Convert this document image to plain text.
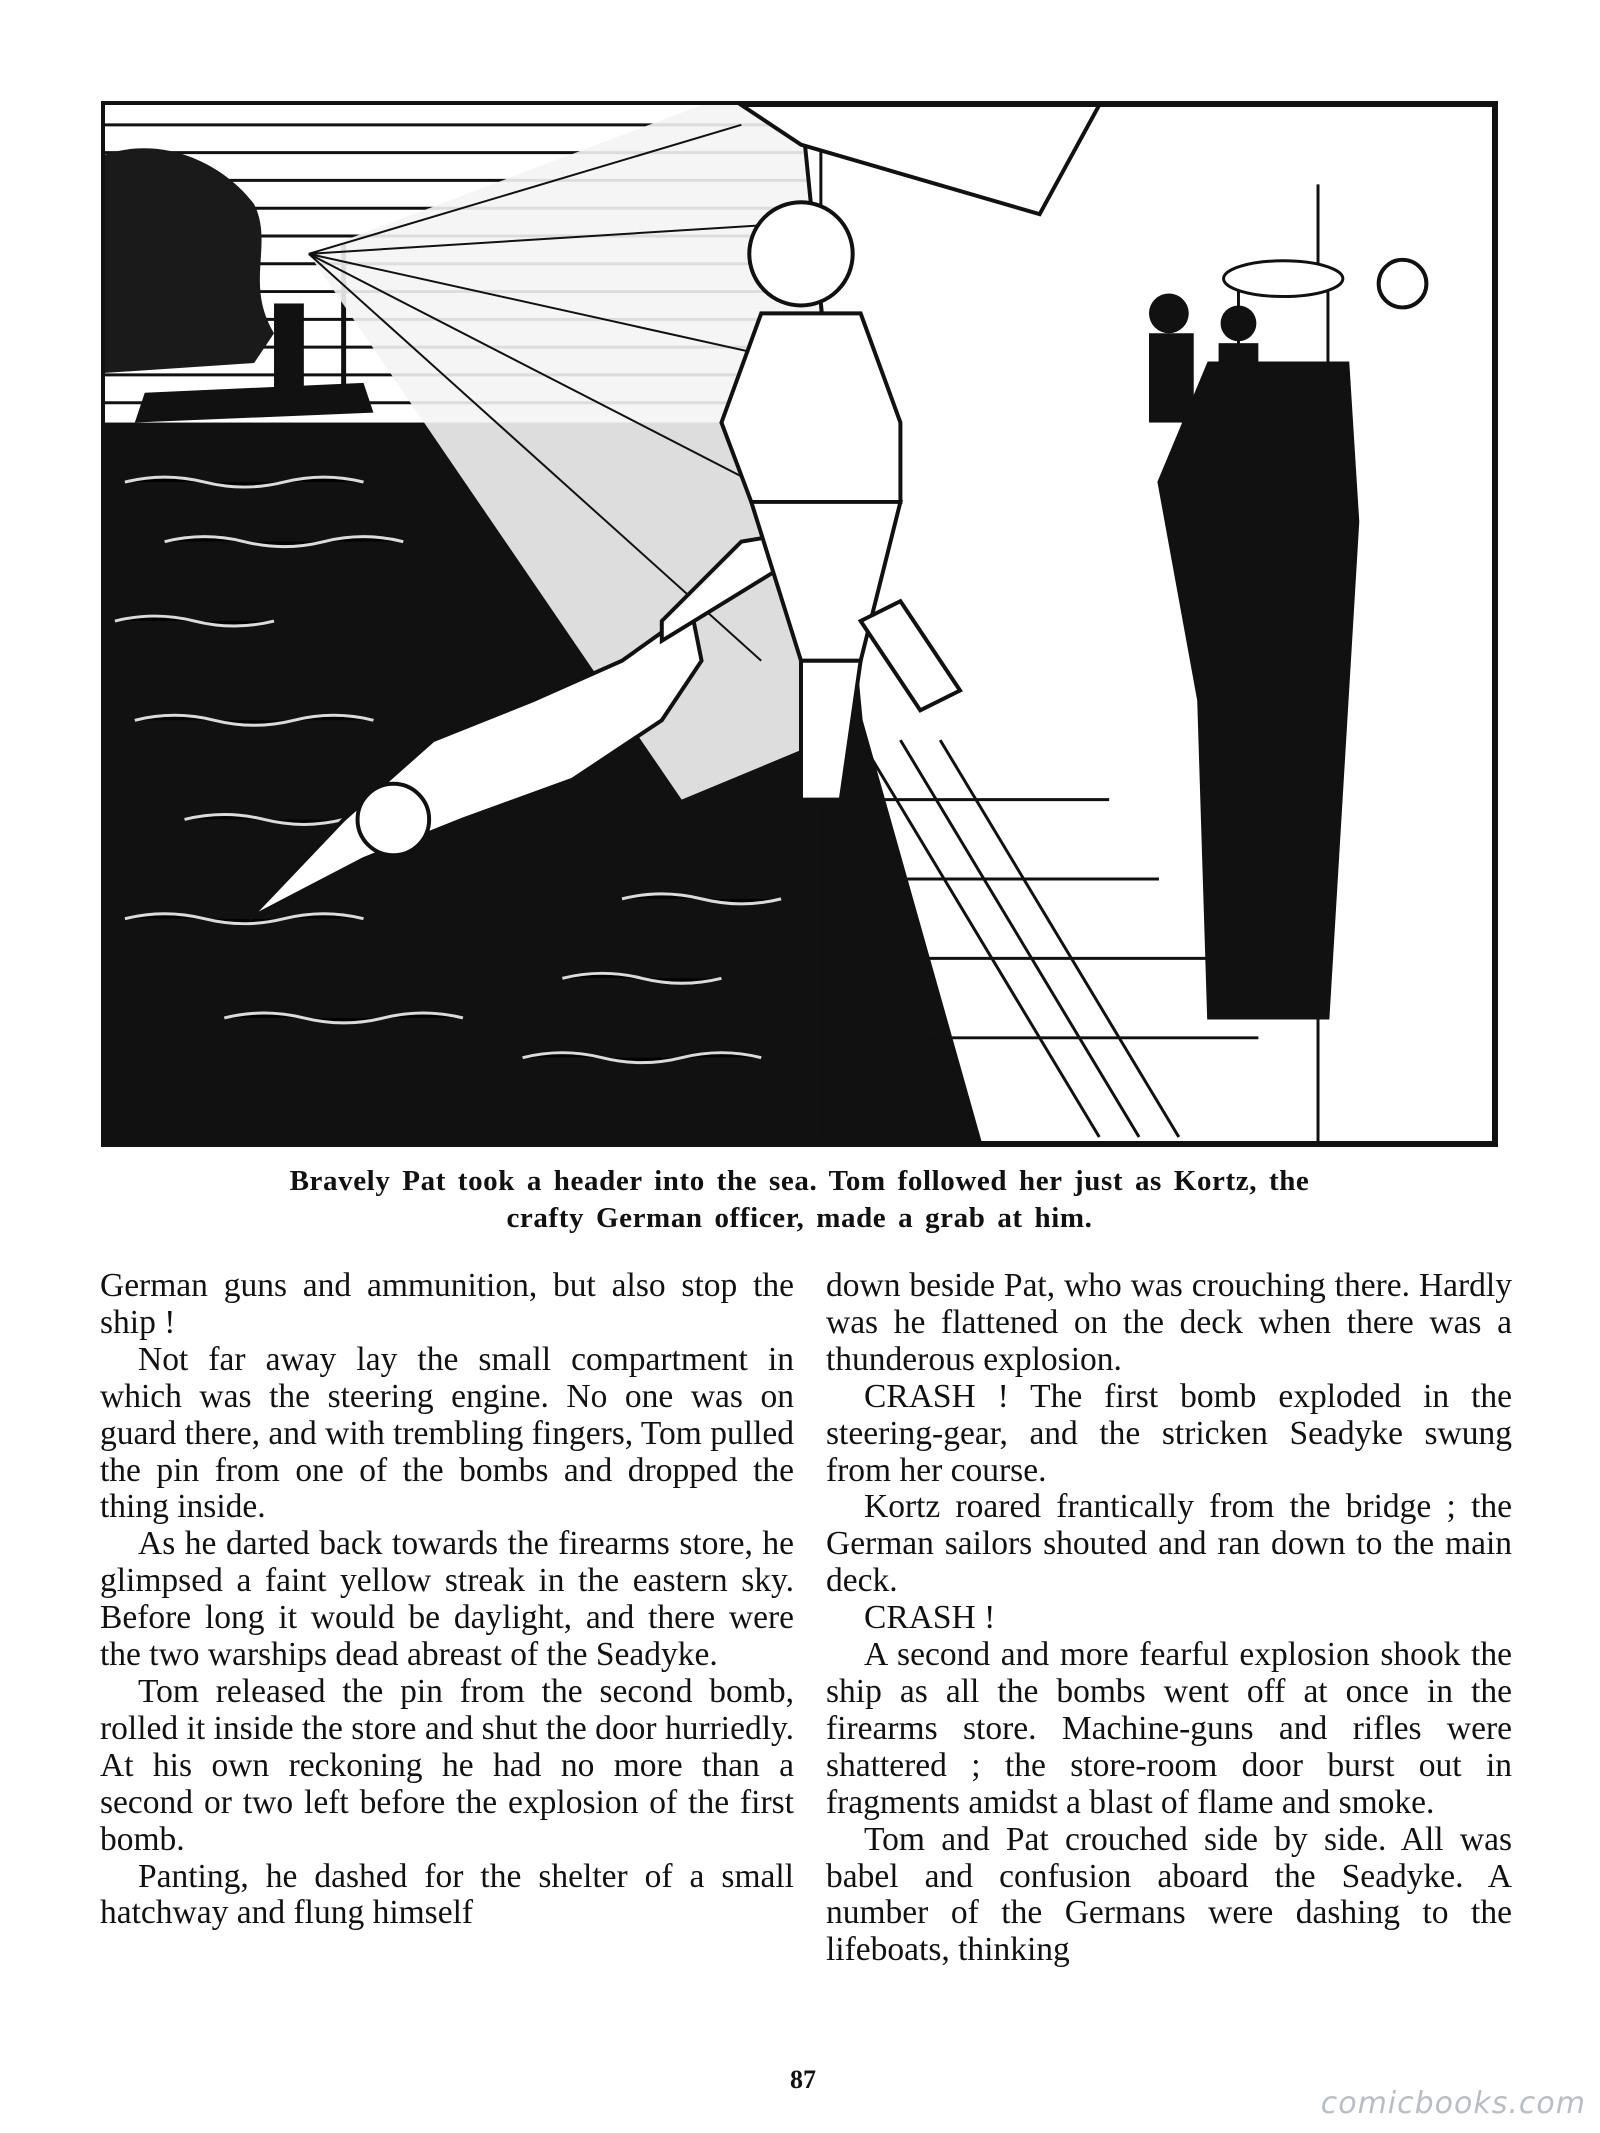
Bravely Pat took a header into the sea. Tom followed her just as Kortz, the
crafty German officer, made a grab at him.

German guns and ammunition, but also stop the ship !

Not far away lay the small compartment in which was the steering engine. No one was on guard there, and with trembling fingers, Tom pulled the pin from one of the bombs and dropped the thing inside.

As he darted back towards the firearms store, he glimpsed a faint yellow streak in the eastern sky. Before long it would be daylight, and there were the two warships dead abreast of the Seadyke.

Tom released the pin from the second bomb, rolled it inside the store and shut the door hurriedly. At his own reckoning he had no more than a second or two left before the explosion of the first bomb.

Panting, he dashed for the shelter of a small hatchway and flung himself

down beside Pat, who was crouching there. Hardly was he flattened on the deck when there was a thunderous explosion.

CRASH ! The first bomb exploded in the steering-gear, and the stricken Seadyke swung from her course.

Kortz roared frantically from the bridge ; the German sailors shouted and ran down to the main deck.

CRASH !

A second and more fearful explosion shook the ship as all the bombs went off at once in the firearms store. Machine-guns and rifles were shattered ; the store-room door burst out in fragments amidst a blast of flame and smoke.

Tom and Pat crouched side by side. All was babel and confusion aboard the Seadyke. A number of the Germans were dashing to the lifeboats, thinking

87
comicbooks.com
